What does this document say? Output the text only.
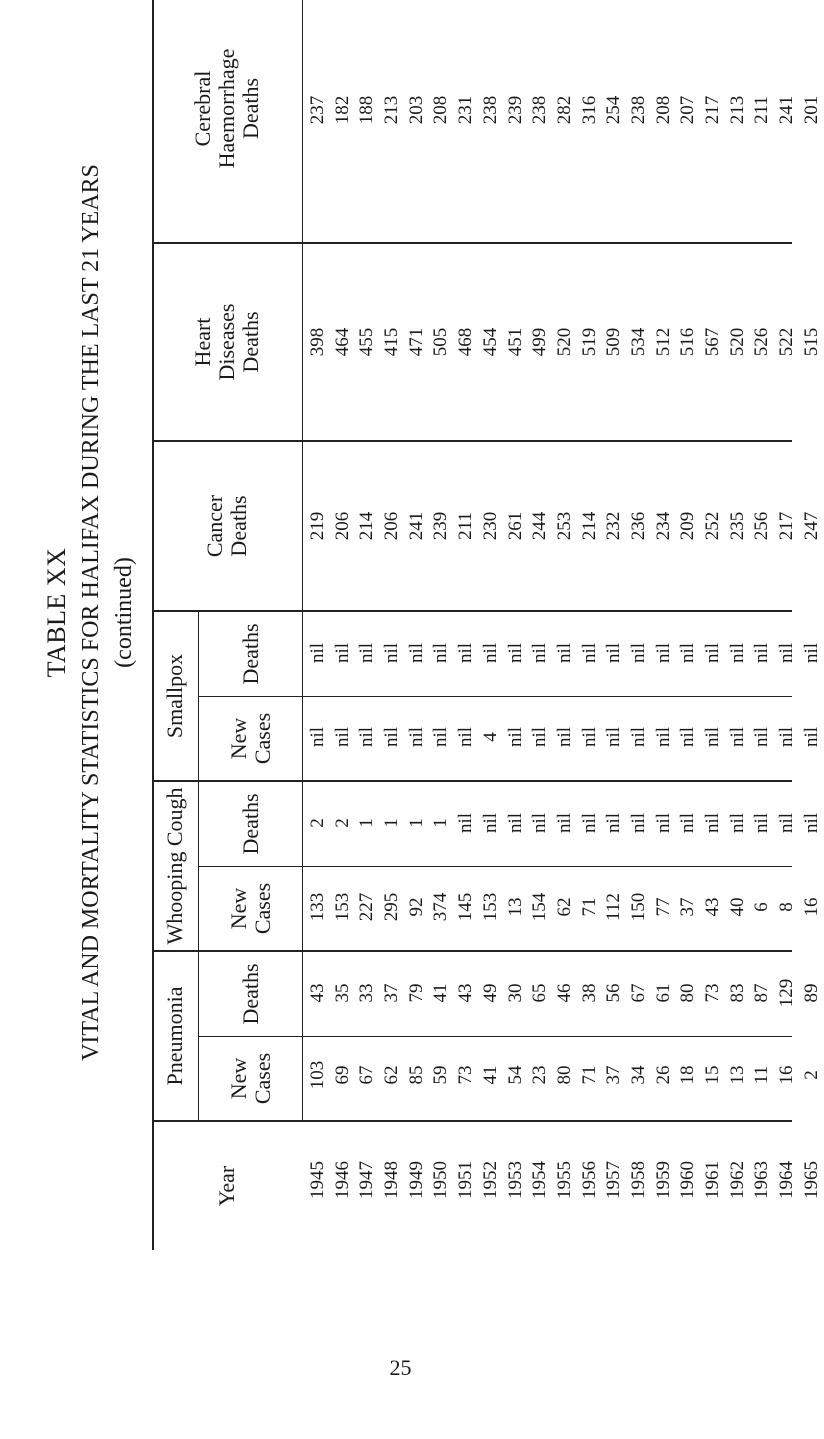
TABLE XX VITAL AND MORTALITY STATISTICS FOR HALIFAX DURING THE LAST 21 YEARS (continued)
Year
Pneumonia
Whooping Cough
Smallpox
New
Cases
Deaths
New
Cases
Deaths
New
Cases
Deaths
Cancer
Deaths
Heart
Diseases
Deaths
Cerebral
Haemorrhage
Deaths
1945 1946 1947 1948 1949 1950 1951 1952 1953 1954 1955 1956 1957 1958 1959 1960 1961 1962 1963 1964 1965
103 69 67 62 85 59 73 41 54 23 80 71 37 34 26 18 15 13 11 16 2
43 35 33 37 79 41 43 49 30 65 46 38 56 67 61 80 73 83 87 129 89
133 153 227 295 92 374 145 153 13 154 62 71 112 150 77 37 43 40 6 8 16
2 2 1 1 1 1 nil nil nil nil nil nil nil nil nil nil nil nil nil nil nil
nil nil nil nil nil nil nil 4 nil nil nil nil nil nil nil nil nil nil nil nil nil
nil nil nil nil nil nil nil nil nil nil nil nil nil nil nil nil nil nil nil nil nil
219 206 214 206 241 239 211 230 261 244 253 214 232 236 234 209 252 235 256 217 247
398 464 455 415 471 505 468 454 451 499 520 519 509 534 512 516 567 520 526 522 515
237 182 188 213 203 208 231 238 239 238 282 316 254 238 208 207 217 213 211 241 201
25
